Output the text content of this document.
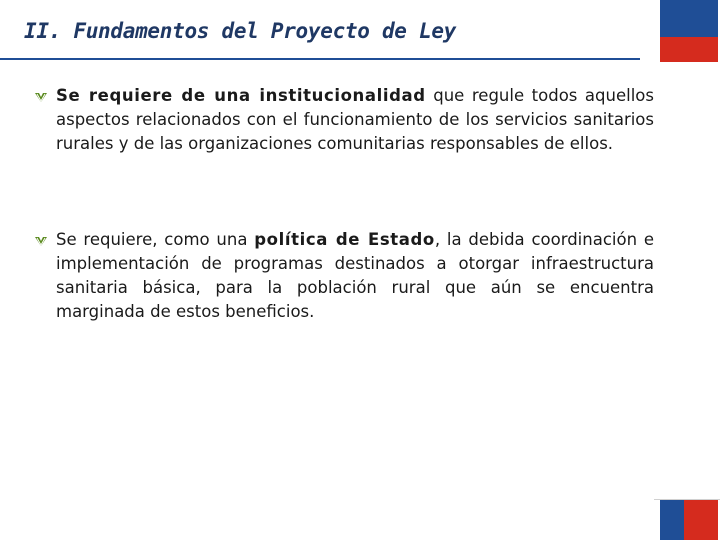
II. Fundamentos del Proyecto de Ley
Se requiere de una institucionalidad que regule todos aquellos aspectos relacionados con el funcionamiento de los servicios sanitarios rurales y de las organizaciones comunitarias responsables de ellos.
Se requiere, como una política de Estado, la debida coordinación e implementación de programas destinados a otorgar infraestructura sanitaria básica, para la población rural que aún se encuentra marginada de estos beneficios.
